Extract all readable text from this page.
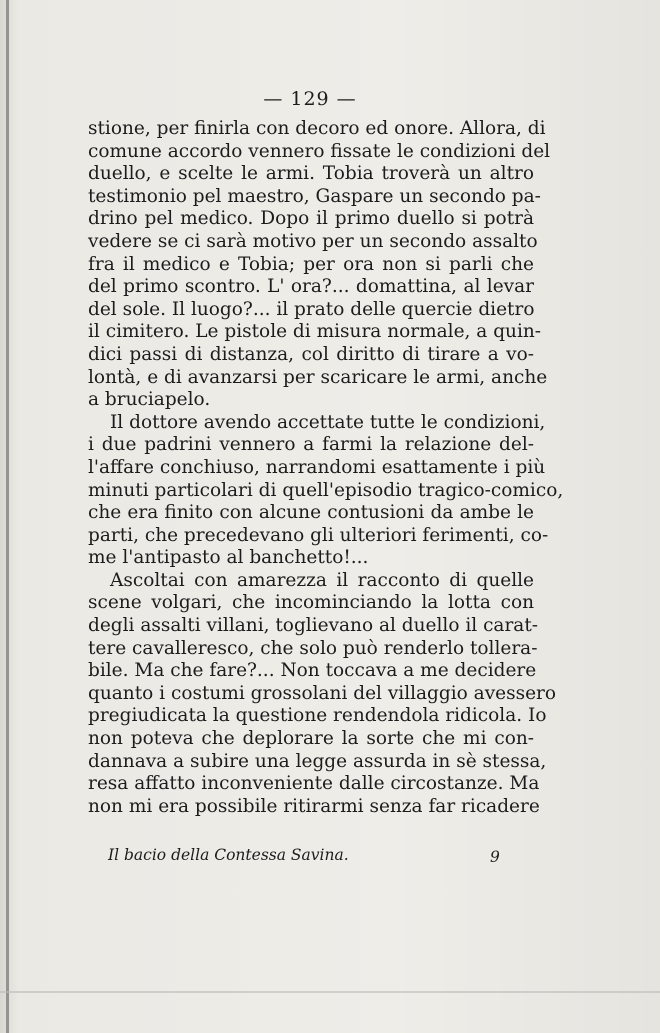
— 129 —
stione, per finirla con decoro ed onore. Allora, di
comune accordo vennero fissate le condizioni del
duello, e scelte le armi. Tobia troverà un altro
testimonio pel maestro, Gaspare un secondo pa-
drino pel medico. Dopo il primo duello si potrà
vedere se ci sarà motivo per un secondo assalto
fra il medico e Tobia; per ora non si parli che
del primo scontro. L' ora?... domattina, al levar
del sole. Il luogo?... il prato delle quercie dietro
il cimitero. Le pistole di misura normale, a quin-
dici passi di distanza, col diritto di tirare a vo-
lontà, e di avanzarsi per scaricare le armi, anche
a bruciapelo.
Il dottore avendo accettate tutte le condizioni,
i due padrini vennero a farmi la relazione del-
l'affare conchiuso, narrandomi esattamente i più
minuti particolari di quell'episodio tragico-comico,
che era finito con alcune contusioni da ambe le
parti, che precedevano gli ulteriori ferimenti, co-
me l'antipasto al banchetto!...
Ascoltai con amarezza il racconto di quelle
scene volgari, che incominciando la lotta con
degli assalti villani, toglievano al duello il carat-
tere cavalleresco, che solo può renderlo tollera-
bile. Ma che fare?... Non toccava a me decidere
quanto i costumi grossolani del villaggio avessero
pregiudicata la questione rendendola ridicola. Io
non poteva che deplorare la sorte che mi con-
dannava a subire una legge assurda in sè stessa,
resa affatto inconveniente dalle circostanze. Ma
non mi era possibile ritirarmi senza far ricadere
Il bacio della Contessa Savina.	9
